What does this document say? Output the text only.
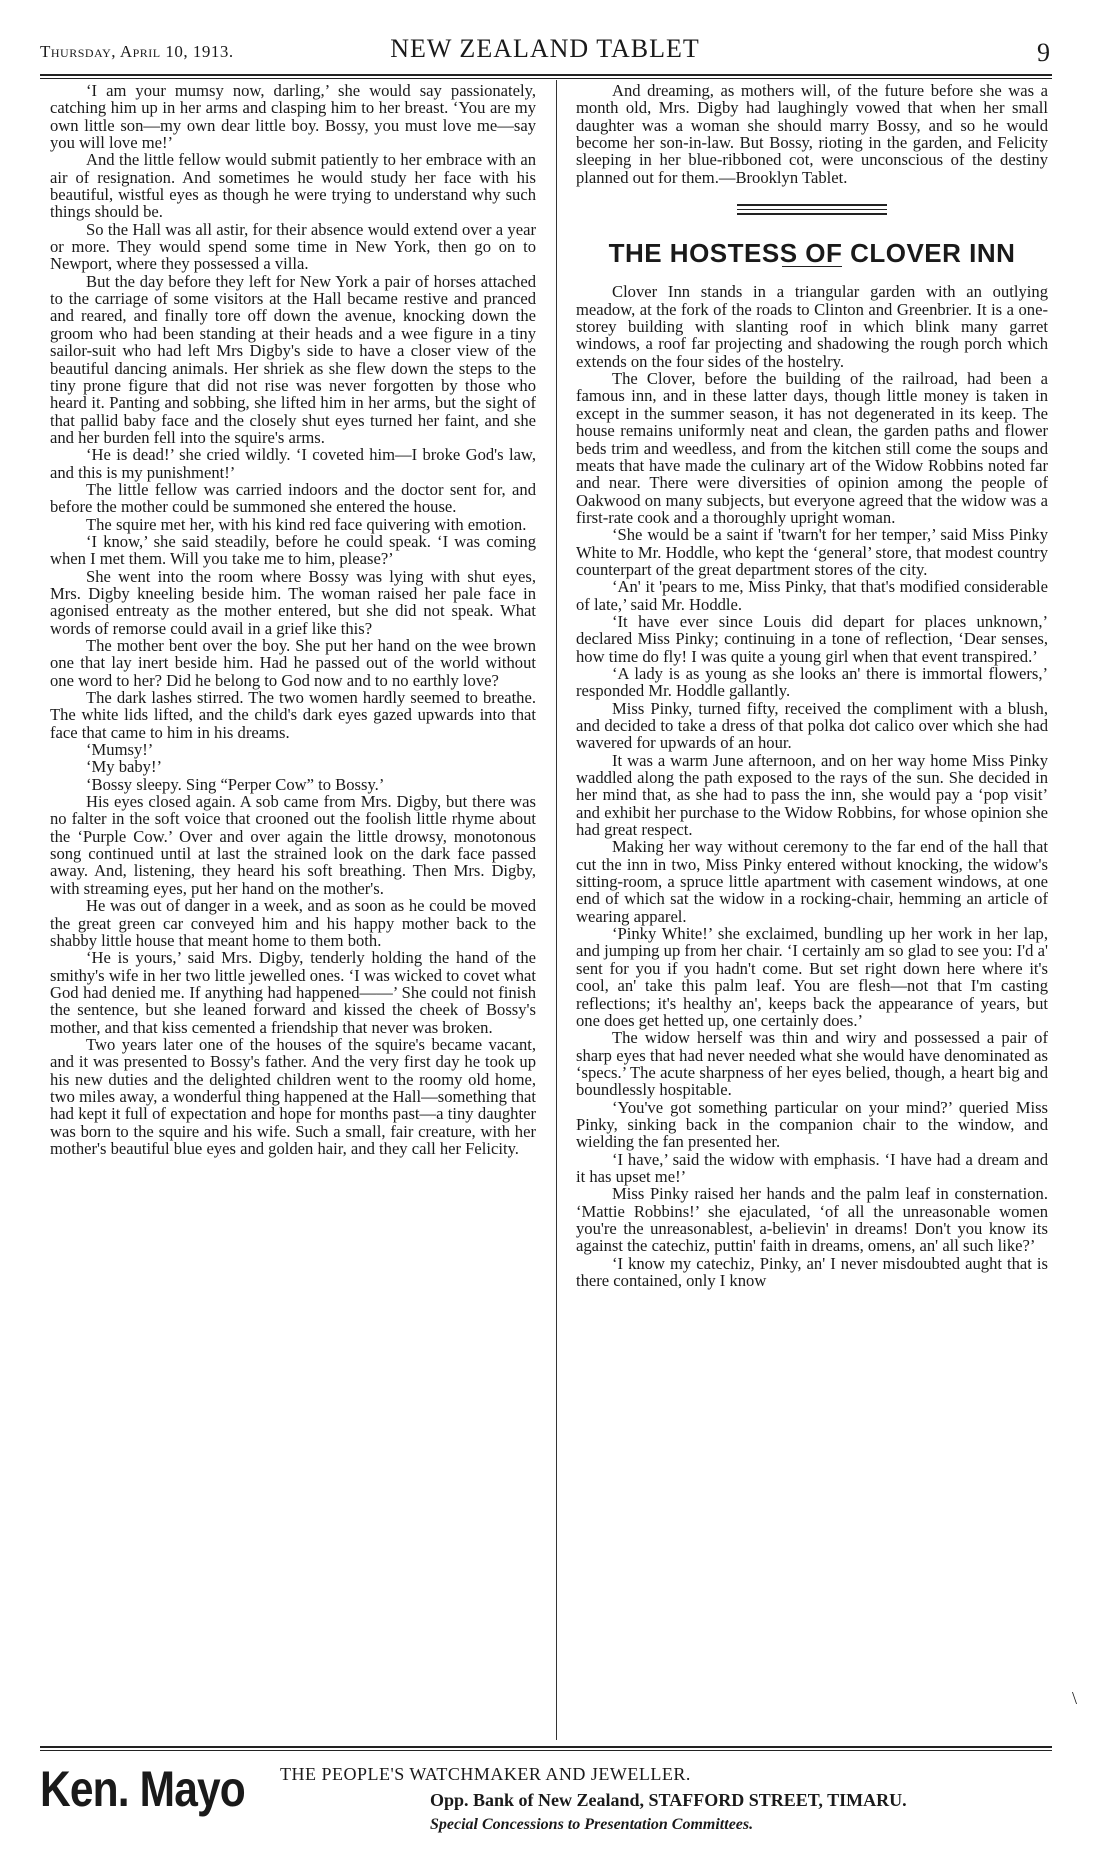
Thursday, April 10, 1913.	NEW ZEALAND TABLET	9

‘I am your mumsy now, darling,’ she would say passionately, catching him up in her arms and clasping him to her breast. ‘You are my own little son—my own dear little boy. Bossy, you must love me—say you will love me!’

And the little fellow would submit patiently to her embrace with an air of resignation. And sometimes he would study her face with his beautiful, wistful eyes as though he were trying to understand why such things should be.

So the Hall was all astir, for their absence would extend over a year or more. They would spend some time in New York, then go on to Newport, where they possessed a villa.

But the day before they left for New York a pair of horses attached to the carriage of some visitors at the Hall became restive and pranced and reared, and finally tore off down the avenue, knocking down the groom who had been standing at their heads and a wee figure in a tiny sailor-suit who had left Mrs Digby's side to have a closer view of the beautiful dancing animals. Her shriek as she flew down the steps to the tiny prone figure that did not rise was never forgotten by those who heard it. Panting and sobbing, she lifted him in her arms, but the sight of that pallid baby face and the closely shut eyes turned her faint, and she and her burden fell into the squire's arms.

‘He is dead!’ she cried wildly. ‘I coveted him—I broke God's law, and this is my punishment!’

The little fellow was carried indoors and the doctor sent for, and before the mother could be summoned she entered the house.

The squire met her, with his kind red face quivering with emotion.

‘I know,’ she said steadily, before he could speak. ‘I was coming when I met them. Will you take me to him, please?’

She went into the room where Bossy was lying with shut eyes, Mrs. Digby kneeling beside him. The woman raised her pale face in agonised entreaty as the mother entered, but she did not speak. What words of remorse could avail in a grief like this?

The mother bent over the boy. She put her hand on the wee brown one that lay inert beside him. Had he passed out of the world without one word to her? Did he belong to God now and to no earthly love?

The dark lashes stirred. The two women hardly seemed to breathe. The white lids lifted, and the child's dark eyes gazed upwards into that face that came to him in his dreams.

‘Mumsy!’

‘My baby!’

‘Bossy sleepy. Sing “Perper Cow” to Bossy.’

His eyes closed again. A sob came from Mrs. Digby, but there was no falter in the soft voice that crooned out the foolish little rhyme about the ‘Purple Cow.’ Over and over again the little drowsy, monotonous song continued until at last the strained look on the dark face passed away. And, listening, they heard his soft breathing. Then Mrs. Digby, with streaming eyes, put her hand on the mother's.

He was out of danger in a week, and as soon as he could be moved the great green car conveyed him and his happy mother back to the shabby little house that meant home to them both.

‘He is yours,’ said Mrs. Digby, tenderly holding the hand of the smithy's wife in her two little jewelled ones. ‘I was wicked to covet what God had denied me. If anything had happened——’ She could not finish the sentence, but she leaned forward and kissed the cheek of Bossy's mother, and that kiss cemented a friendship that never was broken.

Two years later one of the houses of the squire's became vacant, and it was presented to Bossy's father. And the very first day he took up his new duties and the delighted children went to the roomy old home, two miles away, a wonderful thing happened at the Hall—something that had kept it full of expectation and hope for months past—a tiny daughter was born to the squire and his wife. Such a small, fair creature, with her mother's beautiful blue eyes and golden hair, and they call her Felicity.

And dreaming, as mothers will, of the future before she was a month old, Mrs. Digby had laughingly vowed that when her small daughter was a woman she should marry Bossy, and so he would become her son-in-law. But Bossy, rioting in the garden, and Felicity sleeping in her blue-ribboned cot, were unconscious of the destiny planned out for them.—Brooklyn Tablet.

THE HOSTESS OF CLOVER INN

Clover Inn stands in a triangular garden with an outlying meadow, at the fork of the roads to Clinton and Greenbrier. It is a one-storey building with slanting roof in which blink many garret windows, a roof far projecting and shadowing the rough porch which extends on the four sides of the hostelry.

The Clover, before the building of the railroad, had been a famous inn, and in these latter days, though little money is taken in except in the summer season, it has not degenerated in its keep. The house remains uniformly neat and clean, the garden paths and flower beds trim and weedless, and from the kitchen still come the soups and meats that have made the culinary art of the Widow Robbins noted far and near. There were diversities of opinion among the people of Oakwood on many subjects, but everyone agreed that the widow was a first-rate cook and a thoroughly upright woman.

‘She would be a saint if 'twarn't for her temper,’ said Miss Pinky White to Mr. Hoddle, who kept the ‘general’ store, that modest country counterpart of the great department stores of the city.

‘An' it 'pears to me, Miss Pinky, that that's modified considerable of late,’ said Mr. Hoddle.

‘It have ever since Louis did depart for places unknown,’ declared Miss Pinky; continuing in a tone of reflection, ‘Dear senses, how time do fly! I was quite a young girl when that event transpired.’

‘A lady is as young as she looks an' there is immortal flowers,’ responded Mr. Hoddle gallantly.

Miss Pinky, turned fifty, received the compliment with a blush, and decided to take a dress of that polka dot calico over which she had wavered for upwards of an hour.

It was a warm June afternoon, and on her way home Miss Pinky waddled along the path exposed to the rays of the sun. She decided in her mind that, as she had to pass the inn, she would pay a ‘pop visit’ and exhibit her purchase to the Widow Robbins, for whose opinion she had great respect.

Making her way without ceremony to the far end of the hall that cut the inn in two, Miss Pinky entered without knocking, the widow's sitting-room, a spruce little apartment with casement windows, at one end of which sat the widow in a rocking-chair, hemming an article of wearing apparel.

‘Pinky White!’ she exclaimed, bundling up her work in her lap, and jumping up from her chair. ‘I certainly am so glad to see you: I'd a' sent for you if you hadn't come. But set right down here where it's cool, an' take this palm leaf. You are flesh—not that I'm casting reflections; it's healthy an', keeps back the appearance of years, but one does get hetted up, one certainly does.’

The widow herself was thin and wiry and possessed a pair of sharp eyes that had never needed what she would have denominated as ‘specs.’ The acute sharpness of her eyes belied, though, a heart big and boundlessly hospitable.

‘You've got something particular on your mind?’ queried Miss Pinky, sinking back in the companion chair to the window, and wielding the fan presented her.

‘I have,’ said the widow with emphasis. ‘I have had a dream and it has upset me!’

Miss Pinky raised her hands and the palm leaf in consternation. ‘Mattie Robbins!’ she ejaculated, ‘of all the unreasonable women you're the unreasonablest, a-believin' in dreams! Don't you know its against the catechiz, puttin' faith in dreams, omens, an' all such like?’

‘I know my catechiz, Pinky, an' I never misdoubted aught that is there contained, only I know

\
Ken. Mayo THE PEOPLE'S WATCHMAKER AND JEWELLER.
Opp. Bank of New Zealand, STAFFORD STREET, TIMARU.
Special Concessions to Presentation Committees.
